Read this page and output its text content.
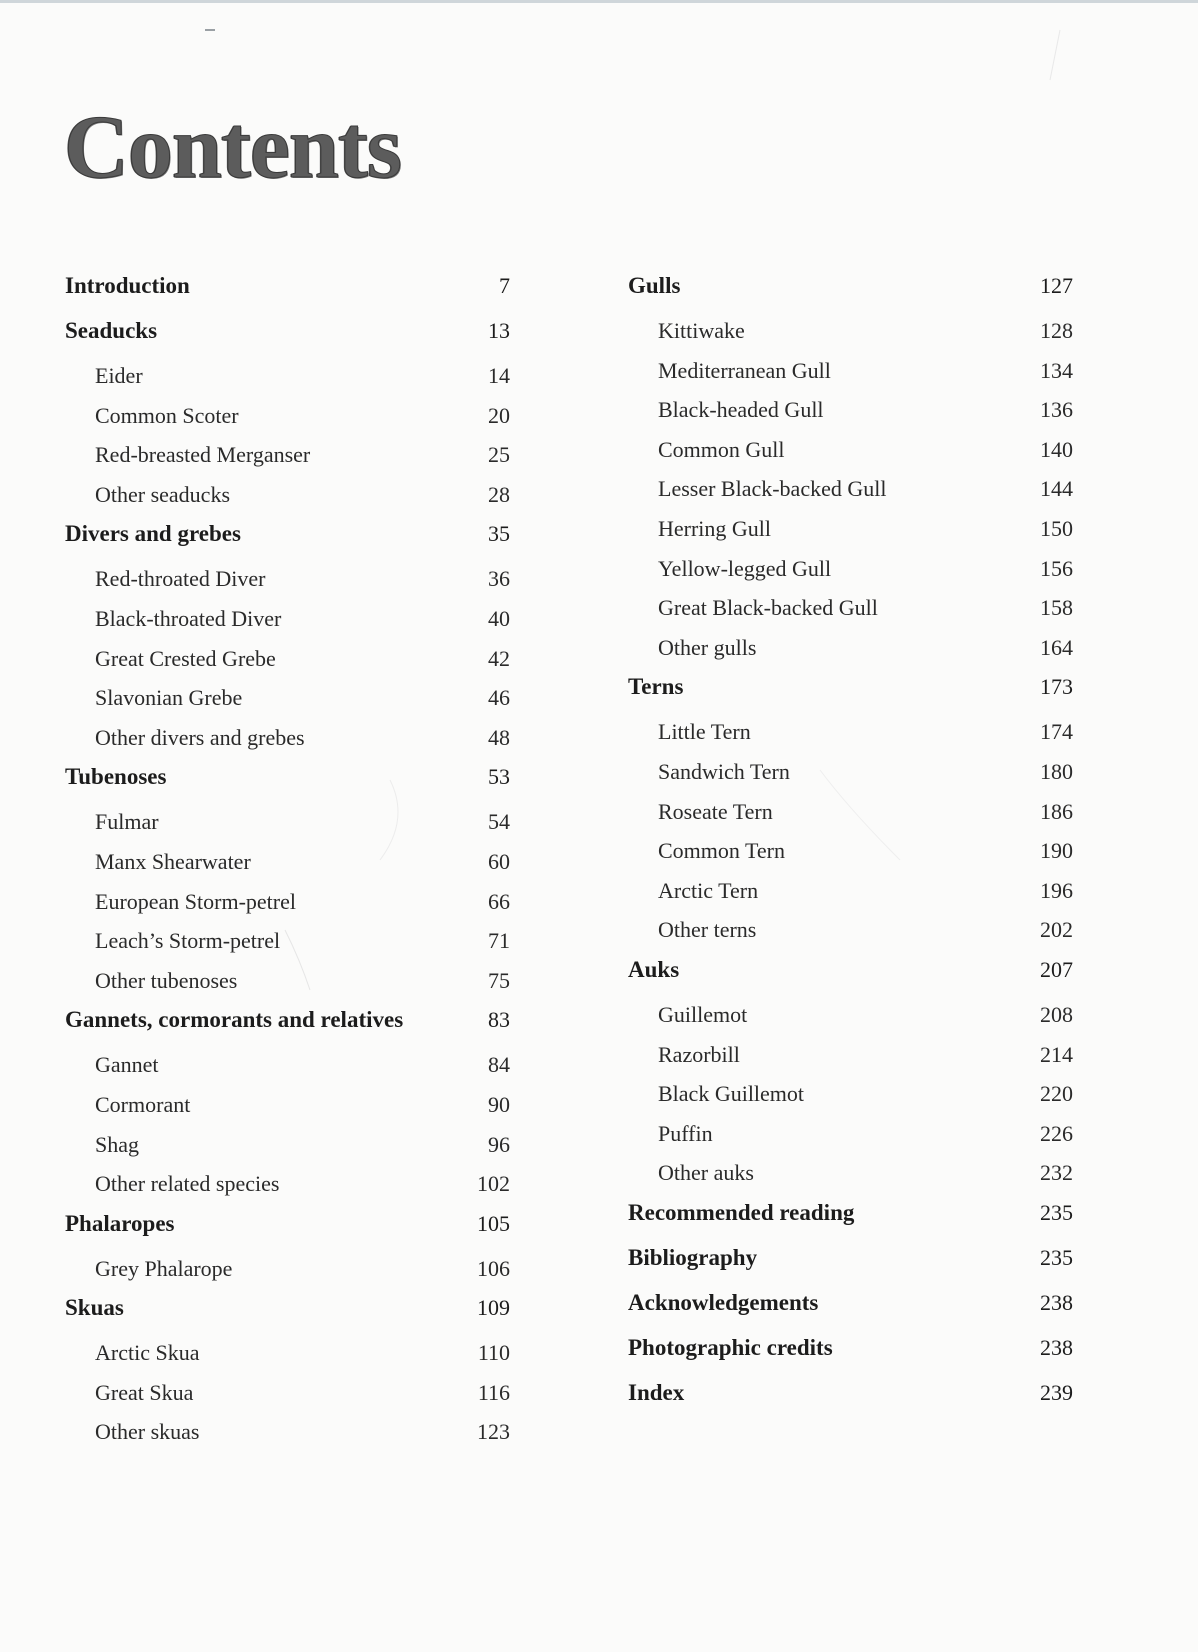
Contents
Introduction	7
Seaducks	13
Eider	14
Common Scoter	20
Red-breasted Merganser	25
Other seaducks	28
Divers and grebes	35
Red-throated Diver	36
Black-throated Diver	40
Great Crested Grebe	42
Slavonian Grebe	46
Other divers and grebes	48
Tubenoses	53
Fulmar	54
Manx Shearwater	60
European Storm-petrel	66
Leach’s Storm-petrel	71
Other tubenoses	75
Gannets, cormorants and relatives	83
Gannet	84
Cormorant	90
Shag	96
Other related species	102
Phalaropes	105
Grey Phalarope	106
Skuas	109
Arctic Skua	110
Great Skua	116
Other skuas	123
Gulls	127
Kittiwake	128
Mediterranean Gull	134
Black-headed Gull	136
Common Gull	140
Lesser Black-backed Gull	144
Herring Gull	150
Yellow-legged Gull	156
Great Black-backed Gull	158
Other gulls	164
Terns	173
Little Tern	174
Sandwich Tern	180
Roseate Tern	186
Common Tern	190
Arctic Tern	196
Other terns	202
Auks	207
Guillemot	208
Razorbill	214
Black Guillemot	220
Puffin	226
Other auks	232
Recommended reading	235
Bibliography	235
Acknowledgements	238
Photographic credits	238
Index	239
